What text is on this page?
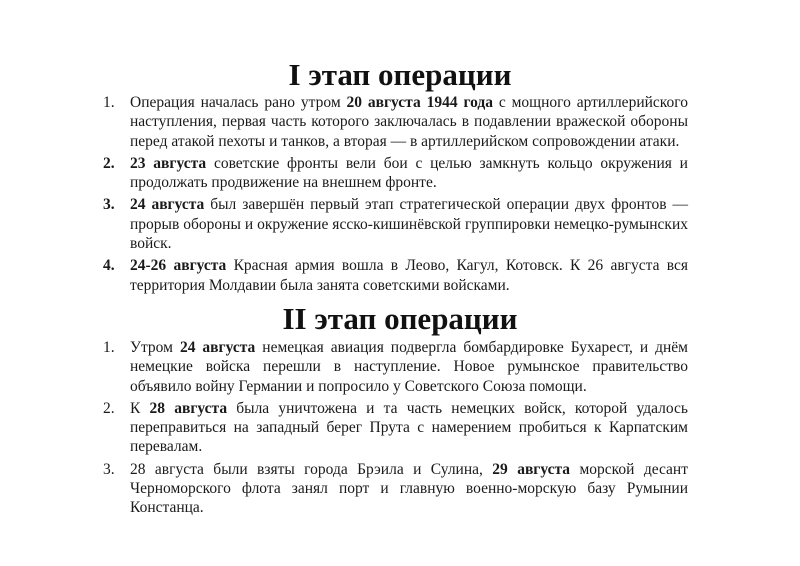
I этап операции
1. Операция началась рано утром 20 августа 1944 года с мощного артиллерийского наступления, первая часть которого заключалась в подавлении вражеской обороны перед атакой пехоты и танков, а вторая — в артиллерийском сопровождении атаки.
2. 23 августа советские фронты вели бои с целью замкнуть кольцо окружения и продолжать продвижение на внешнем фронте.
3. 24 августа был завершён первый этап стратегической операции двух фронтов — прорыв обороны и окружение ясско-кишинёвской группировки немецко-румынских войск.
4. 24-26 августа Красная армия вошла в Леово, Кагул, Котовск. К 26 августа вся территория Молдавии была занята советскими войсками.
II этап операции
1. Утром 24 августа немецкая авиация подвергла бомбардировке Бухарест, и днём немецкие войска перешли в наступление. Новое румынское правительство объявило войну Германии и попросило у Советского Союза помощи.
2. К 28 августа была уничтожена и та часть немецких войск, которой удалось переправиться на западный берег Прута с намерением пробиться к Карпатским перевалам.
3. 28 августа были взяты города Брэила и Сулина, 29 августа морской десант Черноморского флота занял порт и главную военно-морскую базу Румынии Констанца.
